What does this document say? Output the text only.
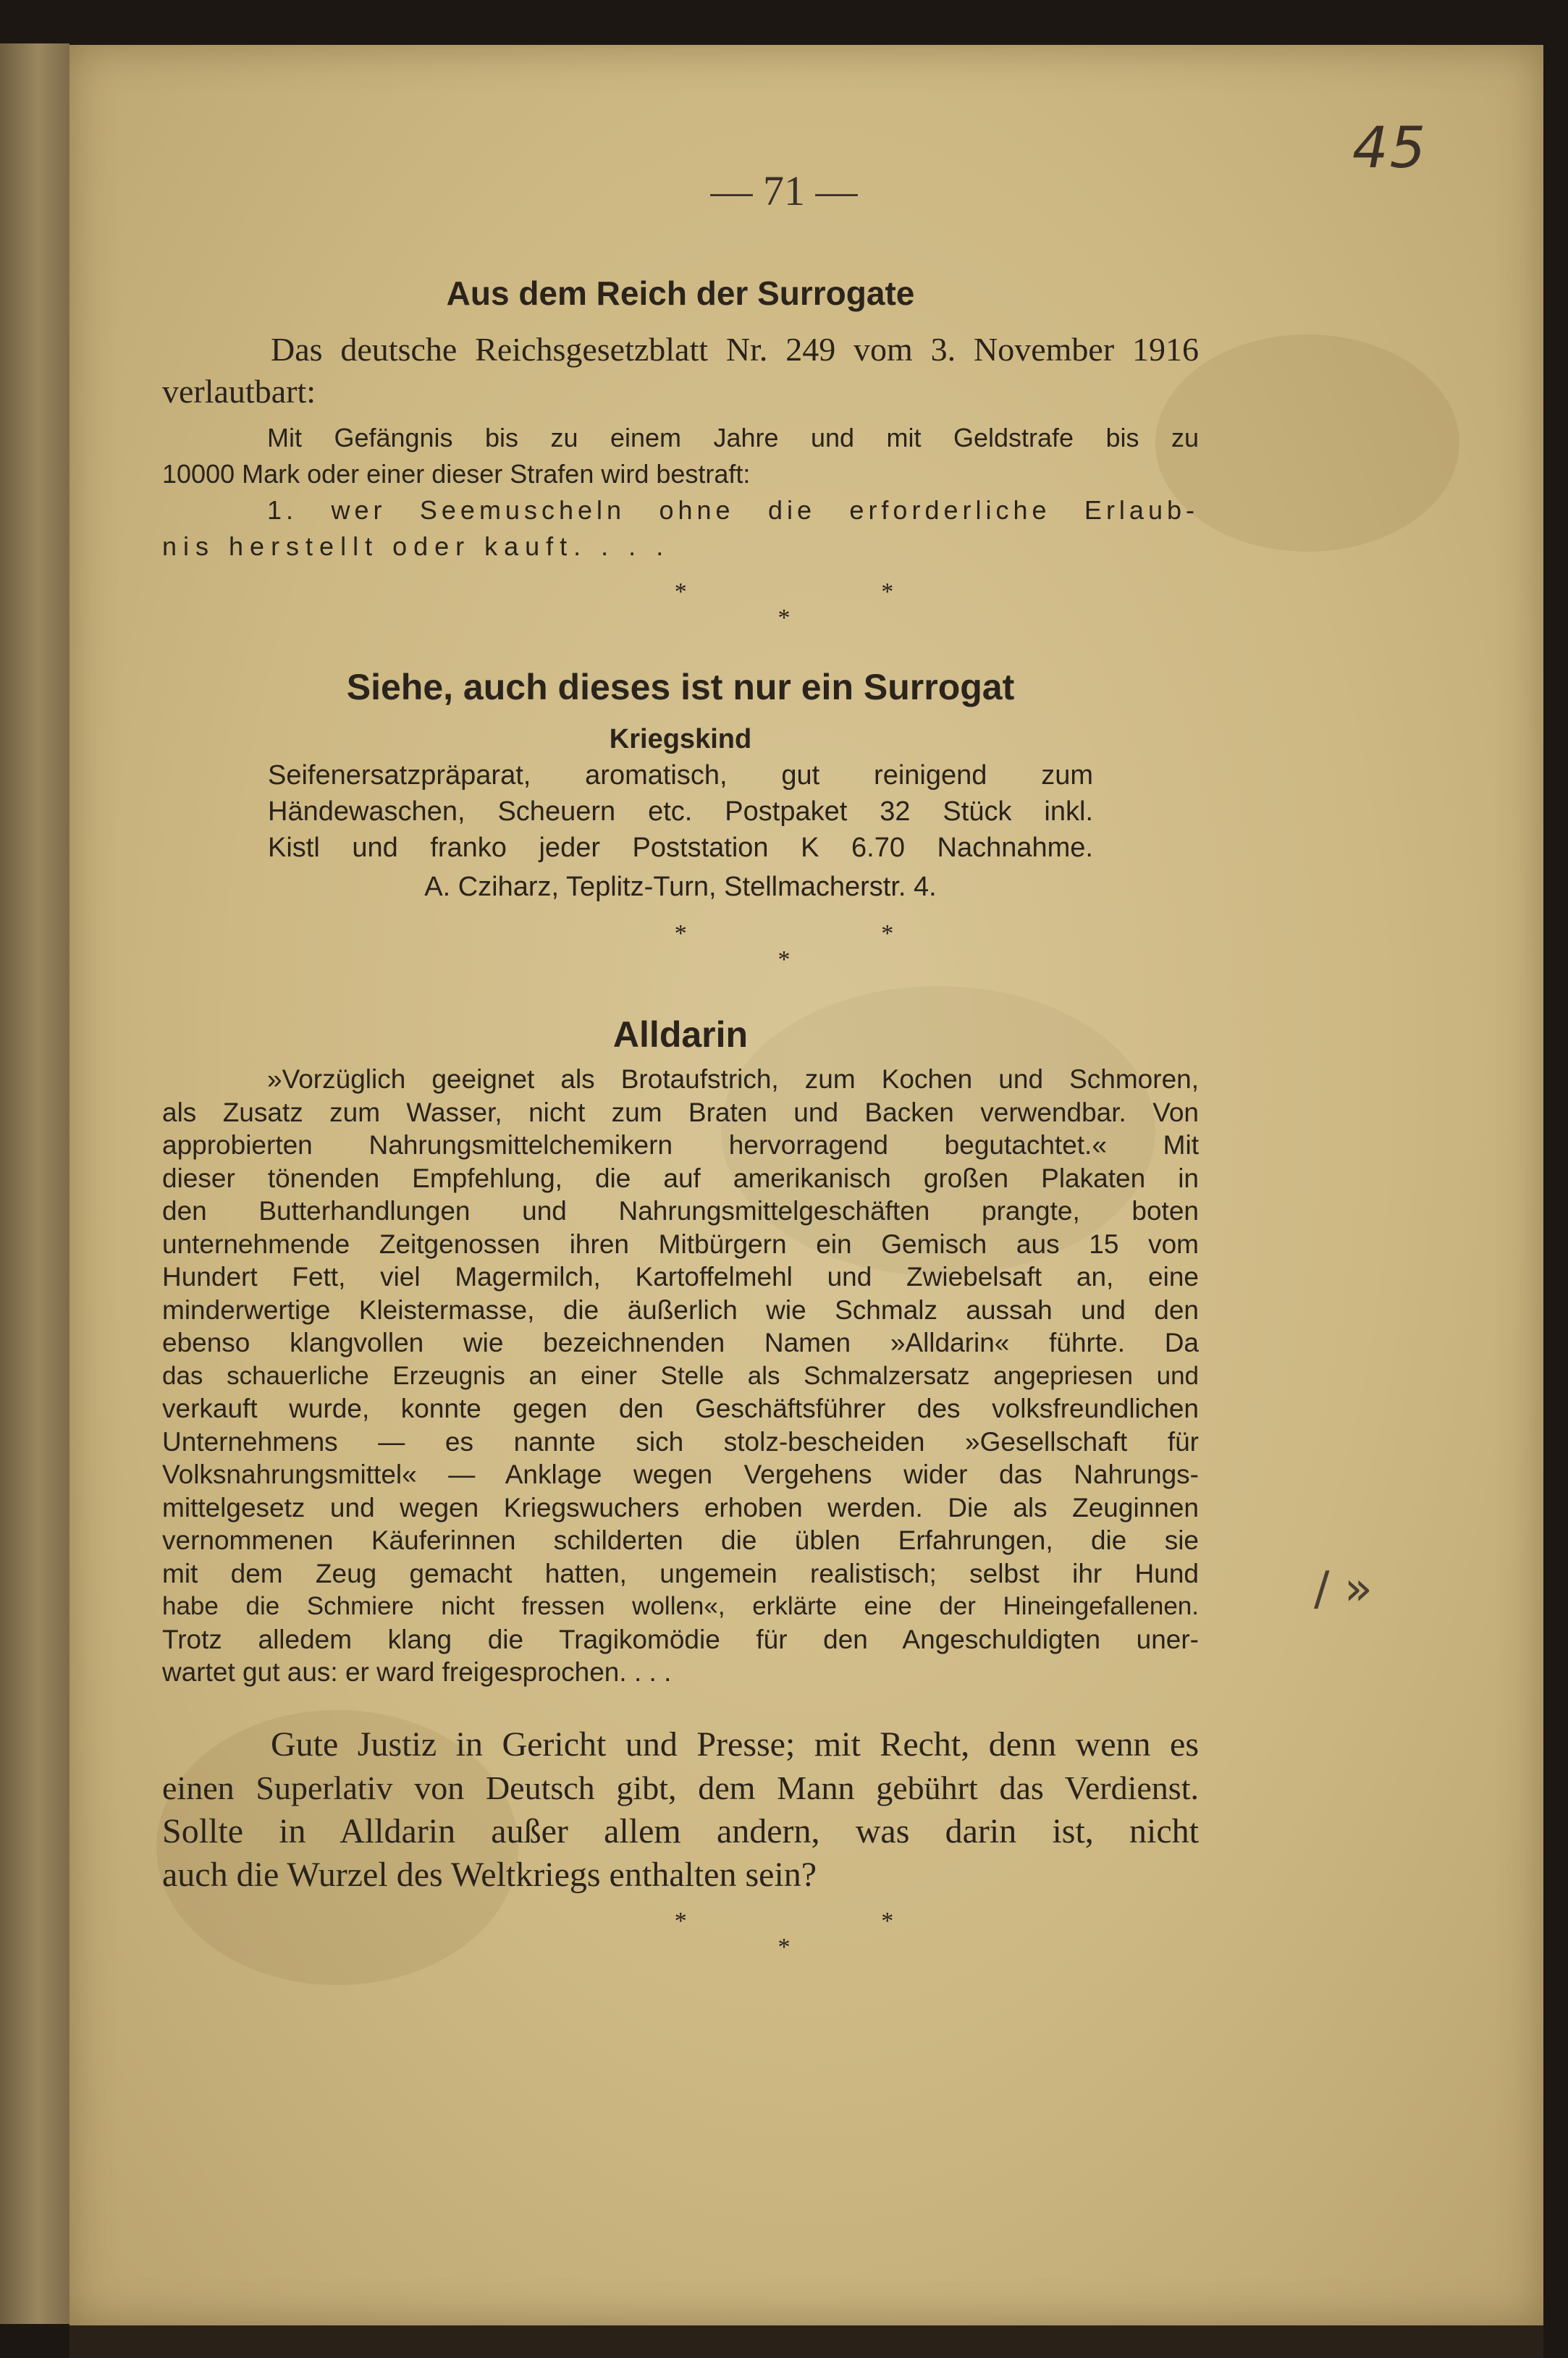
45
— 71 —
Aus dem Reich der Surrogate
Das deutsche Reichsgesetzblatt Nr. 249 vom 3. November 1916
verlautbart:
Mit Gefängnis bis zu einem Jahre und mit Geldstrafe bis zu
10000 Mark oder einer dieser Strafen wird bestraft:
1. wer Seemuscheln ohne die erforderliche Erlaub-
nis herstellt oder kauft. . . .
* *
*
Siehe, auch dieses ist nur ein Surrogat
Kriegskind
Seifenersatzpräparat, aromatisch, gut reinigend zum
Händewaschen, Scheuern etc. Postpaket 32 Stück inkl.
Kistl und franko jeder Poststation K 6.70 Nachnahme.
A. Cziharz, Teplitz-Turn, Stellmacherstr. 4.
* *
*
Alldarin
»Vorzüglich geeignet als Brotaufstrich, zum Kochen und Schmoren,
als Zusatz zum Wasser, nicht zum Braten und Backen verwendbar. Von
approbierten Nahrungsmittelchemikern hervorragend begutachtet.« Mit
dieser tönenden Empfehlung, die auf amerikanisch großen Plakaten in
den Butterhandlungen und Nahrungsmittelgeschäften prangte, boten
unternehmende Zeitgenossen ihren Mitbürgern ein Gemisch aus 15 vom
Hundert Fett, viel Magermilch, Kartoffelmehl und Zwiebelsaft an, eine
minderwertige Kleistermasse, die äußerlich wie Schmalz aussah und den
ebenso klangvollen wie bezeichnenden Namen »Alldarin« führte. Da
das schauerliche Erzeugnis an einer Stelle als Schmalzersatz angepriesen und
verkauft wurde, konnte gegen den Geschäftsführer des volksfreundlichen
Unternehmens — es nannte sich stolz-bescheiden »Gesellschaft für
Volksnahrungsmittel« — Anklage wegen Vergehens wider das Nahrungs-
mittelgesetz und wegen Kriegswuchers erhoben werden. Die als Zeuginnen
vernommenen Käuferinnen schilderten die üblen Erfahrungen, die sie
mit dem Zeug gemacht hatten, ungemein realistisch; selbst ihr Hund
habe die Schmiere nicht fressen wollen«, erklärte eine der Hineingefallenen.
Trotz alledem klang die Tragikomödie für den Angeschuldigten uner-
wartet gut aus: er ward freigesprochen. . . .
Gute Justiz in Gericht und Presse; mit Recht, denn wenn es
einen Superlativ von Deutsch gibt, dem Mann gebührt das Verdienst.
Sollte in Alldarin außer allem andern, was darin ist, nicht
auch die Wurzel des Weltkriegs enthalten sein?
* *
*
/ »
